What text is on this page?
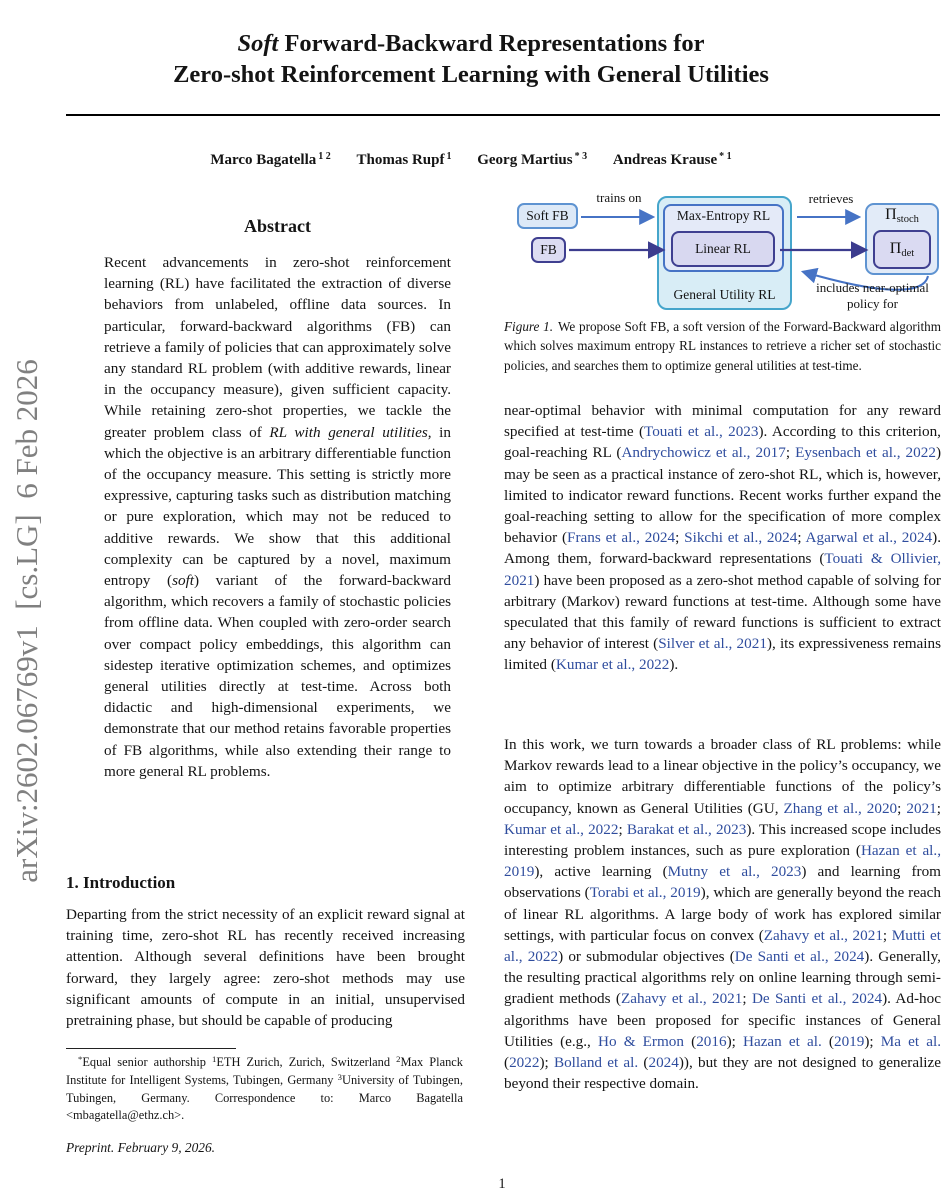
arXiv:2602.06769v1  [cs.LG]  6 Feb 2026
Soft Forward-Backward Representations for
Zero-shot Reinforcement Learning with General Utilities
Marco Bagatella $^{1 2}$ Thomas Rupf $^1$ Georg Martius $^{* 3}$ Andreas Krause $^{* 1}$
Abstract
Recent advancements in zero-shot reinforcement learning (RL) have facilitated the extraction of diverse behaviors from unlabeled, offline data sources. In particular, forward-backward algorithms (FB) can retrieve a family of policies that can approximately solve any standard RL problem (with additive rewards, linear in the occupancy measure), given sufficient capacity. While retaining zero-shot properties, we tackle the greater problem class of RL with general utilities, in which the objective is an arbitrary differentiable function of the occupancy measure. This setting is strictly more expressive, capturing tasks such as distribution matching or pure exploration, which may not be reduced to additive rewards. We show that this additional complexity can be captured by a novel, maximum entropy (soft) variant of the forward-backward algorithm, which recovers a family of stochastic policies from offline data. When coupled with zero-order search over compact policy embeddings, this algorithm can sidestep iterative optimization schemes, and optimizes general utilities directly at test-time. Across both didactic and high-dimensional experiments, we demonstrate that our method retains favorable properties of FB algorithms, while also extending their range to more general RL problems.
1. Introduction
Departing from the strict necessity of an explicit reward signal at training time, zero-shot RL has recently received increasing attention. Although several definitions have been brought forward, they largely agree: zero-shot methods may use significant amounts of compute in an initial, unsupervised pretraining phase, but should be capable of producing
*Equal senior authorship $^1$ETH Zurich, Zurich, Switzerland $^2$Max Planck Institute for Intelligent Systems, Tubingen, Germany $^3$University of Tubingen, Tubingen, Germany. Correspondence to: Marco Bagatella <mbagatella@ethz.ch>.
Preprint. February 9, 2026.
Max-Entropy RL
Linear RL
General Utility RL
Soft FB
FB
$\Pi_{stoch}$
$\Pi_{det}$
trains on	retrieves
includes near-optimal
policy for
Figure 1. We propose Soft FB, a soft version of the Forward-Backward algorithm which solves maximum entropy RL instances to retrieve a richer set of stochastic policies, and searches them to optimize general utilities at test-time.
near-optimal behavior with minimal computation for any reward specified at test-time (Touati et al., 2023). According to this criterion, goal-reaching RL (Andrychowicz et al., 2017; Eysenbach et al., 2022) may be seen as a practical instance of zero-shot RL, which is, however, limited to indicator reward functions. Recent works further expand the goal-reaching setting to allow for the specification of more complex behavior (Frans et al., 2024; Sikchi et al., 2024; Agarwal et al., 2024). Among them, forward-backward representations (Touati & Ollivier, 2021) have been proposed as a zero-shot method capable of solving for arbitrary (Markov) reward functions at test-time. Although some have speculated that this family of reward functions is sufficient to extract any behavior of interest (Silver et al., 2021), its expressiveness remains limited (Kumar et al., 2022).
In this work, we turn towards a broader class of RL problems: while Markov rewards lead to a linear objective in the policy’s occupancy, we aim to optimize arbitrary differentiable functions of the policy’s occupancy, known as General Utilities (GU, Zhang et al., 2020; 2021; Kumar et al., 2022; Barakat et al., 2023). This increased scope includes interesting problem instances, such as pure exploration (Hazan et al., 2019), active learning (Mutny et al., 2023) and learning from observations (Torabi et al., 2019), which are generally beyond the reach of linear RL algorithms. A large body of work has explored similar settings, with particular focus on convex (Zahavy et al., 2021; Mutti et al., 2022) or submodular objectives (De Santi et al., 2024). Generally, the resulting practical algorithms rely on online learning through semi-gradient methods (Zahavy et al., 2021; De Santi et al., 2024). Ad-hoc algorithms have been proposed for specific instances of General Utilities (e.g., Ho & Ermon (2016); Hazan et al. (2019); Ma et al. (2022); Bolland et al. (2024)), but they are not designed to generalize beyond their respective domain.
1
